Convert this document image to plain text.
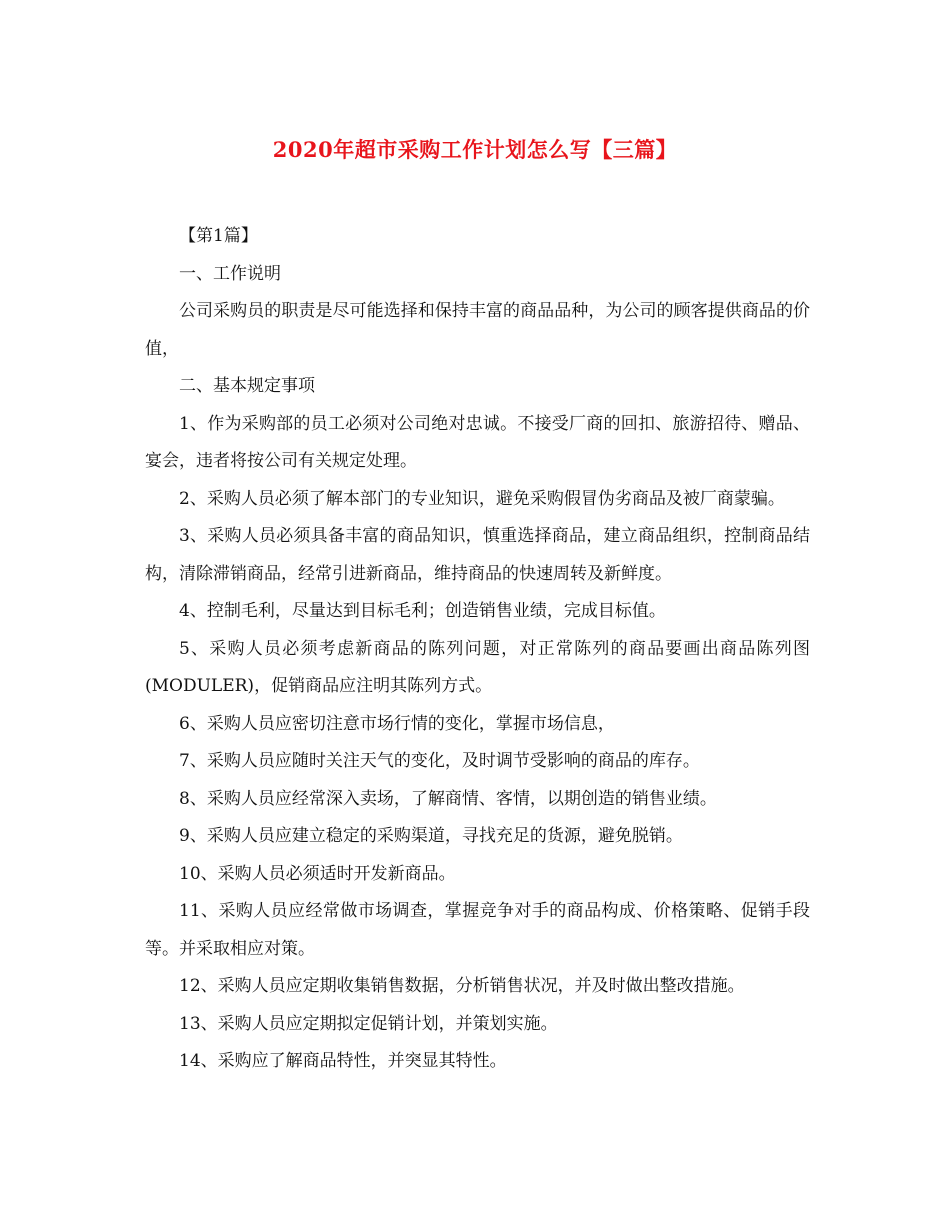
2020年超市采购工作计划怎么写【三篇】

【第1篇】

一、工作说明

公司采购员的职责是尽可能选择和保持丰富的商品品种，为公司的顾客提供商品的价值，

二、基本规定事项

1、作为采购部的员工必须对公司绝对忠诚。不接受厂商的回扣、旅游招待、赠品、宴会，违者将按公司有关规定处理。

2、采购人员必须了解本部门的专业知识，避免采购假冒伪劣商品及被厂商蒙骗。

3、采购人员必须具备丰富的商品知识，慎重选择商品，建立商品组织，控制商品结构，清除滞销商品，经常引进新商品，维持商品的快速周转及新鲜度。

4、控制毛利，尽量达到目标毛利；创造销售业绩，完成目标值。

5、采购人员必须考虑新商品的陈列问题，对正常陈列的商品要画出商品陈列图(MODULER)，促销商品应注明其陈列方式。

6、采购人员应密切注意市场行情的变化，掌握市场信息，

7、采购人员应随时关注天气的变化，及时调节受影响的商品的库存。

8、采购人员应经常深入卖场，了解商情、客情，以期创造的销售业绩。

9、采购人员应建立稳定的采购渠道，寻找充足的货源，避免脱销。

10、采购人员必须适时开发新商品。

11、采购人员应经常做市场调查，掌握竞争对手的商品构成、价格策略、促销手段等。并采取相应对策。

12、采购人员应定期收集销售数据，分析销售状况，并及时做出整改措施。

13、采购人员应定期拟定促销计划，并策划实施。

14、采购应了解商品特性，并突显其特性。
